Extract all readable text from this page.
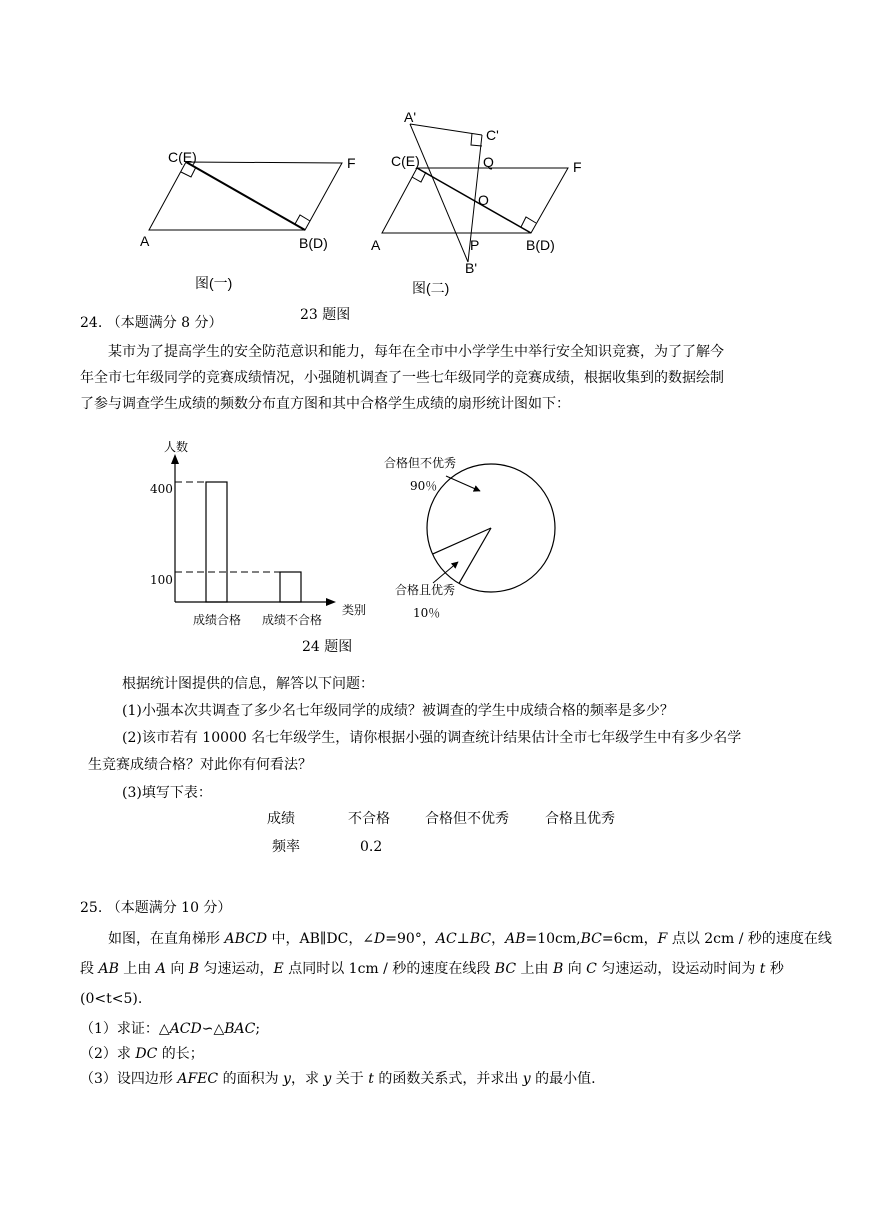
C(E)	F
A	B(D)
图(一)
A'
C'
C(E)	Q	F
O
A	P	B(D)
B'
图(二)
23 题图
24. （本题满分 8 分）
某市为了提高学生的安全防范意识和能力，每年在全市中小学学生中举行安全知识竞赛，为了了解今
年全市七年级同学的竞赛成绩情况，小强随机调查了一些七年级同学的竞赛成绩，根据收集到的数据绘制
了参与调查学生成绩的频数分布直方图和其中合格学生成绩的扇形统计图如下：
人数
类别
400
100
成绩合格 成绩不合格
合格但不优秀
90％
合格且优秀
10％
24 题图
根据统计图提供的信息，解答以下问题：
(1)小强本次共调查了多少名七年级同学的成绩？被调查的学生中成绩合格的频率是多少？
(2)该市若有 10000 名七年级学生，请你根据小强的调查统计结果估计全市七年级学生中有多少名学
生竞赛成绩合格？对此你有何看法？
(3)填写下表：
成绩	不合格	合格但不优秀	合格且优秀
频率	0.2
25. （本题满分 10 分）
如图，在直角梯形 ABCD 中，AB∥DC，∠D=90°，AC⊥BC，AB=10cm,BC=6cm，F 点以 2cm / 秒的速度在线
段 AB 上由 A 向 B 匀速运动，E 点同时以 1cm / 秒的速度在线段 BC 上由 B 向 C 匀速运动，设运动时间为 t 秒
(0<t<5).
（1）求证：△ACD∽△BAC;
（2）求 DC 的长；
（3）设四边形 AFEC 的面积为 y，求 y 关于 t 的函数关系式，并求出 y 的最小值.
